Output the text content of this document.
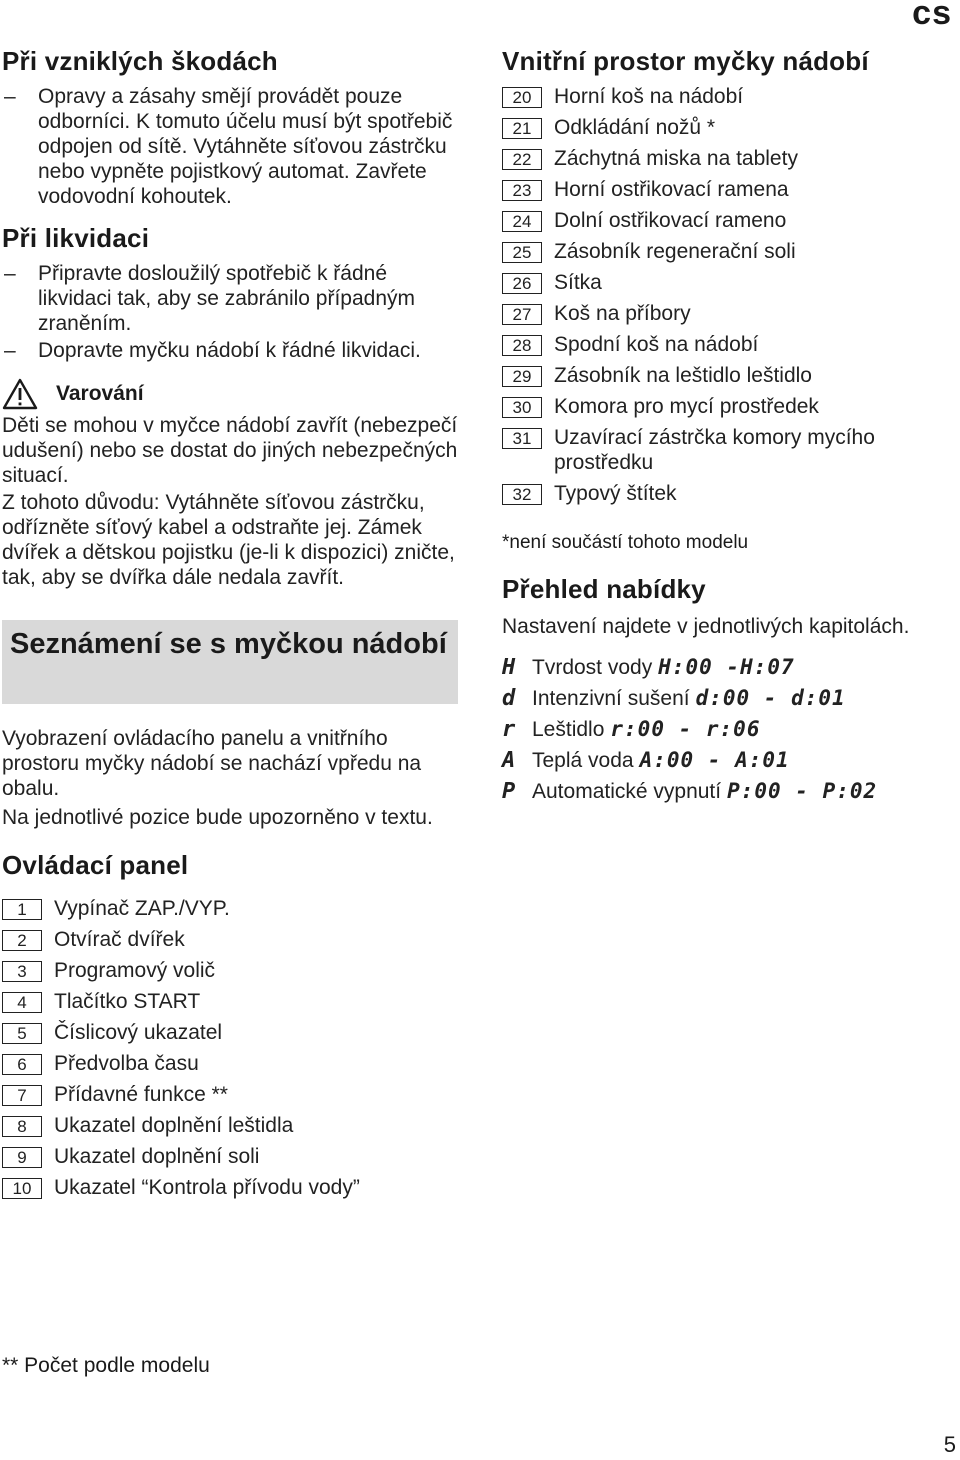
cs
Při vzniklých škodách
– Opravy a zásahy smějí provádět pouze odborníci. K tomuto účelu musí být spotřebič odpojen od sítě. Vytáhněte síťovou zástrčku nebo vypněte pojistkový automat. Zavřete vodovodní kohoutek.
Při likvidaci
– Připravte dosloužilý spotřebič k řádné likvidaci tak, aby se zabránilo případným zraněním.
– Dopravte myčku nádobí k řádné likvidaci.
Varování

Děti se mohou v myčce nádobí zavřít (nebezpečí udušení) nebo se dostat do jiných nebezpečných situací.

Z tohoto důvodu: Vytáhněte síťovou zástrčku, odřízněte síťový kabel a odstraňte jej. Zámek dvířek a dětskou pojistku (je-li k dispozici) zničte, tak, aby se dvířka dále nedala zavřít.

Seznámení se s myčkou nádobí

Vyobrazení ovládacího panelu a vnitřního prostoru myčky nádobí se nachází vpředu na obalu.

Na jednotlivé pozice bude upozorněno v textu.

Ovládací panel
1	Vypínač ZAP./VYP.
2	Otvírač dvířek
3	Programový volič
4	Tlačítko START
5	Číslicový ukazatel
6	Předvolba času
7	Přídavné funkce **
8	Ukazatel doplnění leštidla
9	Ukazatel doplnění soli
10	Ukazatel “Kontrola přívodu vody”
** Počet podle modelu
Vnitřní prostor myčky nádobí
20	Horní koš na nádobí
21	Odkládání nožů *
22	Záchytná miska na tablety
23	Horní ostřikovací ramena
24	Dolní ostřikovací rameno
25	Zásobník regenerační soli
26	Sítka
27	Koš na příbory
28	Spodní koš na nádobí
29	Zásobník na leštidlo leštidlo
30	Komora pro mycí prostředek
31	Uzavírací zástrčka komory mycího prostředku
32	Typový štítek
*není součástí tohoto modelu
Přehled nabídky

Nastavení najdete v jednotlivých kapitolách.

H Tvrdost vody H:00 -H:07
d Intenzivní sušení d:00 - d:01
r Leštidlo r:00 - r:06
A Teplá voda A:00 - A:01
P Automatické vypnutí P:00 - P:02
5
